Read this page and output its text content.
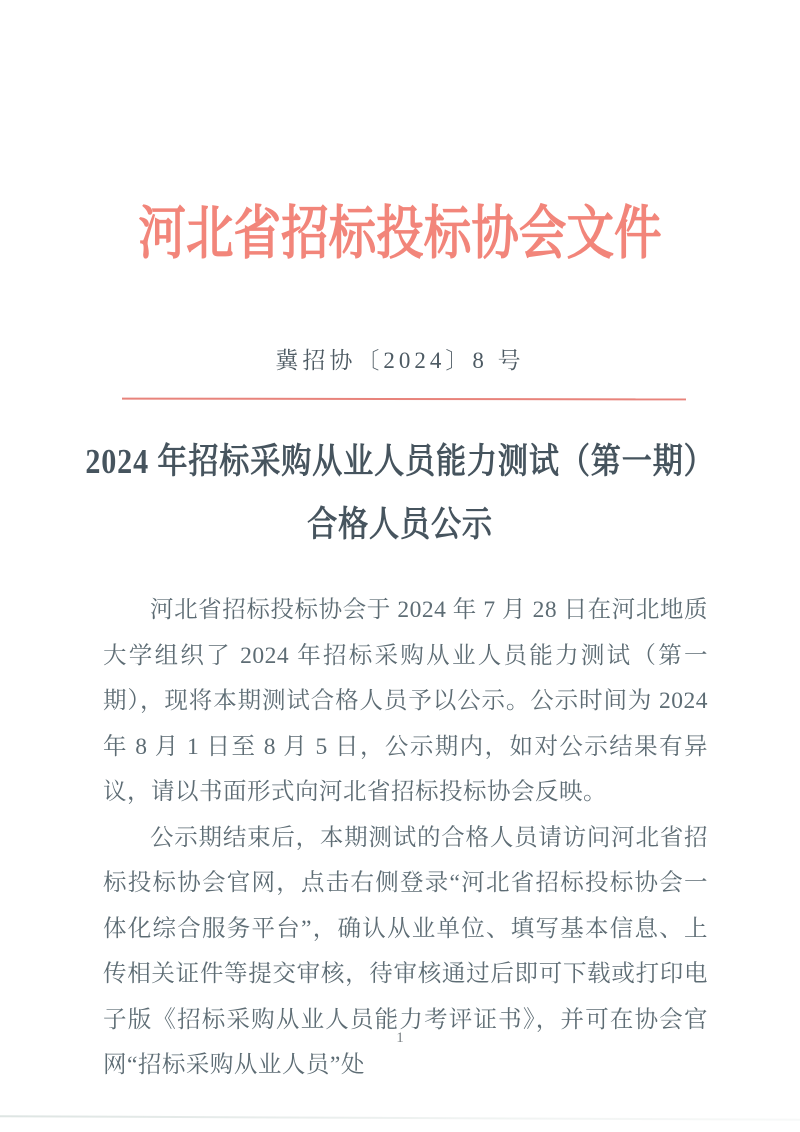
河北省招标投标协会文件
冀招协〔2024〕8 号
2024 年招标采购从业人员能力测试（第一期）
合格人员公示

河北省招标投标协会于 2024 年 7 月 28 日在河北地质大学组织了 2024 年招标采购从业人员能力测试（第一期），现将本期测试合格人员予以公示。公示时间为 2024 年 8 月 1 日至 8 月 5 日，公示期内，如对公示结果有异议，请以书面形式向河北省招标投标协会反映。

公示期结束后，本期测试的合格人员请访问河北省招标投标协会官网，点击右侧登录“河北省招标投标协会一体化综合服务平台”，确认从业单位、填写基本信息、上传相关证件等提交审核，待审核通过后即可下载或打印电子版《招标采购从业人员能力考评证书》，并可在协会官网“招标采购从业人员”处

1
